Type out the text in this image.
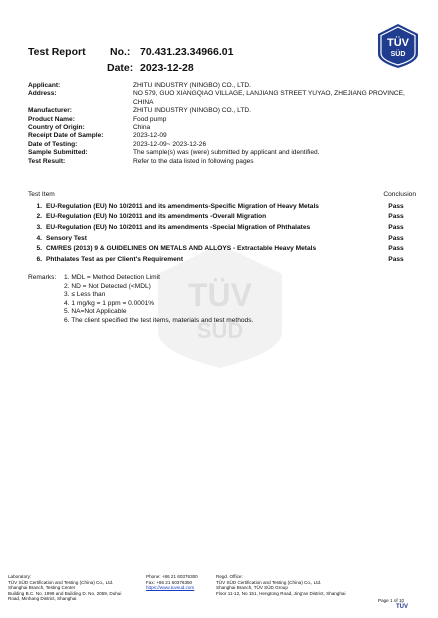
Test Report No.: 70.431.23.34966.01
Date: 2023-12-28
TÜV
SÜD
Applicant:	ZHITU INDUSTRY (NINGBO) CO., LTD.
Address:	NO 579, GUO XIANGQIAO VILLAGE, LANJIANG STREET YUYAO, ZHEJIANG PROVINCE, CHINA
Manufacturer:	ZHITU INDUSTRY (NINGBO) CO., LTD.
Product Name:	Food pump
Country of Origin:	China
Receipt Date of Sample:	2023-12-09
Date of Testing:	2023-12-09~ 2023-12-26
Sample Submitted:	The sample(s) was (were) submitted by applicant and identified.
Test Result:	Refer to the data listed in following pages
TÜV
SÜD
Test Item	Conclusion
1. EU-Regulation (EU) No 10/2011 and its amendments-Specific Migration of Heavy Metals	Pass
2. EU-Regulation (EU) No 10/2011 and its amendments -Overall Migration	Pass
3. EU-Regulation (EU) No 10/2011 and its amendments -Special Migration of Phthalates	Pass
4. Sensory Test	Pass
5. CM/RES (2013) 9 & GUIDELINES ON METALS AND ALLOYS - Extractable Heavy Metals	Pass
6. Phthalates Test as per Client's Requirement	Pass
Remarks: 1. MDL = Method Detection Limit
2. ND = Not Detected (<MDL)
3. ≤ Less than
4. 1 mg/kg = 1 ppm = 0.0001%
5. NA=Not Applicable
6. The client specified the test items, materials and test methods.
Laboratory:
TÜV SÜD Certification and Testing (China) Co., Ltd.
Shanghai Branch, Testing Center
Building B.C. No. 1999 and Building D. No. 2059, Duhui
Road, Minhang District, Shanghai
Phone: +86 21 60376300
Fax: +86 21 60376350
https://www.tuvsud.com
Regd. Office:
TÜV SÜD Certification and Testing (China) Co., Ltd.
Shanghai Branch, TÜV SÜD Group
Floor 11-12, No 151, Hengtong Road, Jing'an District, Shanghai
Page 1 of 10
TÜV
